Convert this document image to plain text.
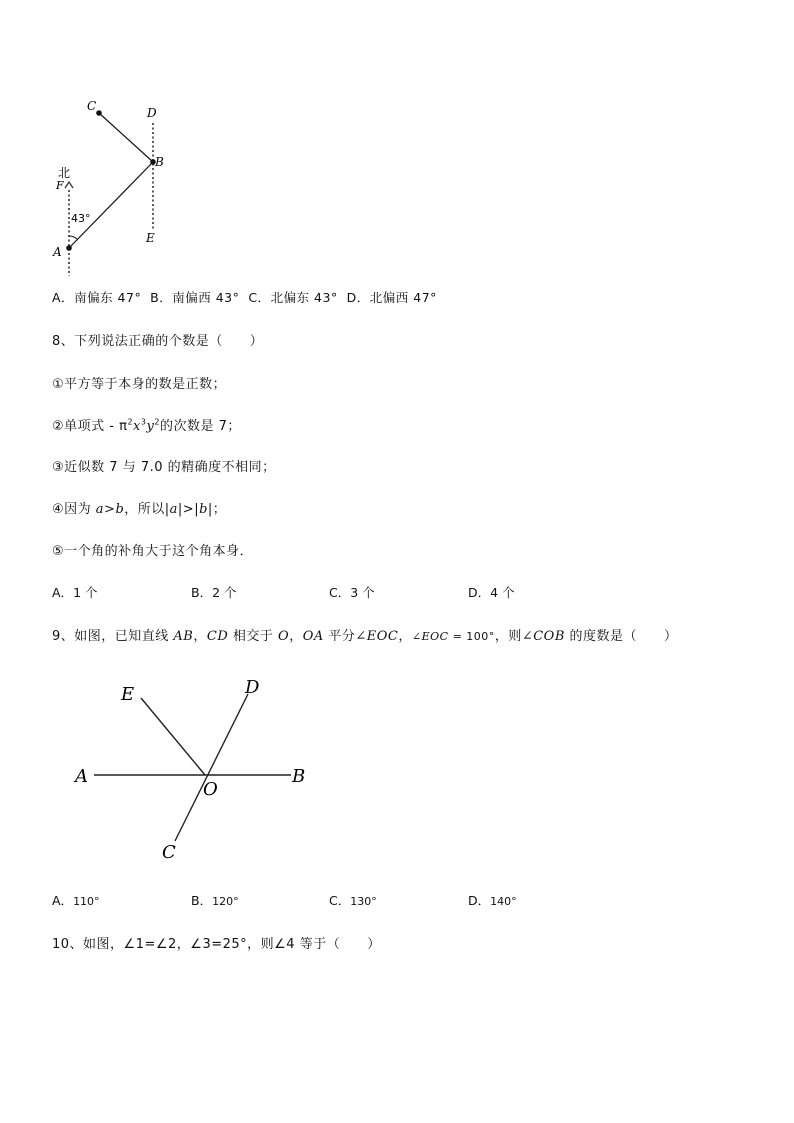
C	D
B
北
F
43°
E
A
A．南偏东 47° B．南偏西 43° C．北偏东 43° D．北偏西 47°
8、下列说法正确的个数是（　　）
①平方等于本身的数是正数；
②单项式 - $\pi^2x^3y^2$的次数是 7；
③近似数 7 与 7.0 的精确度不相同；
④因为 a>b，所以|a|>|b|；
⑤一个角的补角大于这个角本身．
A．1 个	B．2 个	C．3 个	D．4 个
9、如图，已知直线 AB，CD 相交于 O，OA 平分∠EOC，∠EOC = 100°，则∠COB 的度数是（　　）
E	D
A
O
B
C
A．110°	B．120°	C．130°	D．140°
10、如图，∠1=∠2，∠3=25°，则∠4 等于（　　）
